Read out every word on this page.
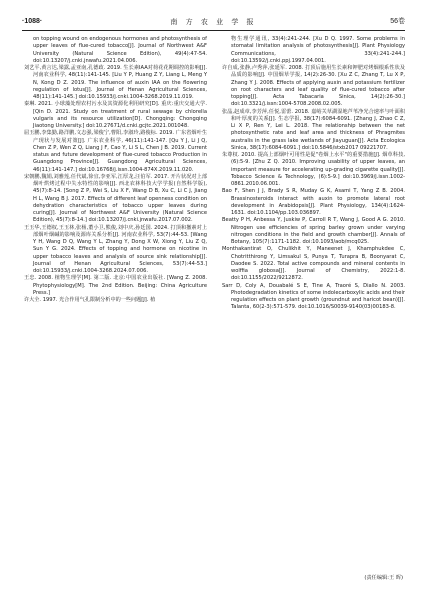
·1088·	南 方 农 业 学 报	56卷

on topping wound on endogenous hormones and photosynthesis of upper leaves of flue-cured tobacco[J]. Journal of Northwest A&F University (Natural Science Edition), 49(4):47-54. doi:10.13207/j.cnki.jnwafu.2021.04.006.

刘艺平,黄言达,梁露,孟亚南,孔德政. 2019. 生长素IAA对荷花花期调控的影响[J]. 河南农业科学, 48(11):141-145. [Liu Y P, Huang Z Y, Liang L, Meng Y N, Kong D Z. 2019. The influence of auxin IAA on the flowering regulation of lotus[J]. Journal of Henan Agricultural Sciences, 48(11):141-145.] doi:10.15933/j.cnki.1004-3268.2019.11.019.

秦琳. 2021. 小球藻处理农村污水及其资源化利用研究[D]. 重庆:重庆交通大学. [Qin D. 2021. Study on treatment of rural sewage by chlorella vulgaris and its resource utilization[D]. Chongqing: Chongqing Jiaotong University.] doi:10.27671/d.cnki.gcjtc.2021.001048.

屈玉鹏,李集勤,路洋鹏,文志强,梁俊宁,曹阳,李淑玲,路俊标. 2019. 广东省烟叶生产现状与发展对策[J]. 广东农业科学, 46(11):141-147. [Qu Y J, Li J Q, Chen Z P, Wen Z Q, Liang J F, Cao Y, Li S L, Chen J B. 2019. Current status and future development of flue-cured tobacco Production in Guangdong Province[J]. Guangdong Agricultural Sciences, 46(11):141-147.] doi:10.16768/j.issn.1004-874X.2019.11.020.

宋朝鹏,魏娟,刘雅莲,任代斌,徐宜,李亚军,江厚龙,汪伯军. 2017. 开片状况对上部烟叶烘烤过程中失水特性的影响[J]. 西北农林科技大学学报(自然科学版), 45(7):8-14. [Song Z P, Wei S, Liu X F, Wang D B, Xu C, Li C J, Jiang H L, Wang B J. 2017. Effects of different leaf openness condition on dehydration characteristics of tobacco upper leaves during curing[J]. Journal of Northwest A&F University (Natural Science Edition), 45(7):8-14.] doi:10.13207/j.cnki.jnwafu.2017.07.002.

王玉华,王德权,王玉林,张杨,董小卫,熊俊,刘中庆,孙廷国. 2024. 打顶和撤素对上部烟叶烟碱的影响及源库关系分析[J]. 河南农业科学, 53(7):44-53. [Wang Y H, Wang D Q, Wang Y L, Zhang Y, Dong X W, Xiong Y, Liu Z Q, Sun Y G. 2024. Effects of topping and hormone on nicotine in upper tobacco leaves and analysis of source sink relationship[J]. Journal of Henan Agricultural Sciences, 53(7):44-53.] doi:10.15933/j.cnki.1004-3268.2024.07.006.

王忠. 2008. 植物生理学[M]. 第二版. 北京:中国农业出版社. [Wang Z. 2008. Phytophysiology[M]. The 2nd Edition. Beijing: China Agriculture Press.]

许大全. 1997. 光合作用气孔限制分析中的一些问题[J]. 植

物生理学通讯, 33(4):241-244. [Xu D Q. 1997. Some problems in stomatal limitation analysis of photosynthesis[J]. Plant Physiology Communications, 33(4):241-244.] doi:10.13592/j.cnki.ppj.1997.04.001.

许自成,张静,卢秀萍,张延军. 2008. 打顶后施用生长素和钾肥对烤烟根系性状及品质的影响[J]. 中国烟草学报, 14(2):26-30. [Xu Z C, Zhang T, Lu X P, Zhang Y J. 2008. Effects of applying auxin and potassium fertilizer on root characters and leaf quality of flue-cured tobacco after topping[J]. Acta Tabacaria Sinica, 14(2):26-30.] doi:10.3321/j.issn:1004-5708.2008.02.005.

张晶,赵成章,李芳萍,任悦,雷蕾. 2018. 嘉峪关草湖湿地芦苇净光合速率与叶面积和叶厚度的关系[J]. 生态学报, 38(17):6084-6091. [Zhang J, Zhao C Z, Li X P, Ren Y, Lei L. 2018. The relationship between the net photosynthetic rate and leaf area and thickness of Phragmites australis in the grass lake wetlands of Jiayuguan[J]. Acta Ecologica Sinica, 38(17):6084-6091.] doi:10.5846/stxb2017 09221707.

朱尊权. 2010. 提高上部烟叶可用性是促"卷烟上水平"的重要措施[J]. 烟草科技, (6):5-9. [Zhu Z Q. 2010. Improving usability of upper leaves, an important measure for accelerating up-grading cigarette quality[J]. Tobacco Science & Technology, (6):5-9.] doi:10.3969/j.issn.1002-0861.2010.06.001.

Bao F, Shen J J, Brady S R, Muday G K, Asami T, Yang Z B. 2004. Brassinosteroids interact with auxin to promote lateral root development in Arabidopsis[J]. Plant Physiology, 134(4):1624-1631. doi:10.1104/pp.103.036897.

Beatty P H, Anbessa Y, Juskiw P, Carroll R T, Wang J, Good A G. 2010. Nitrogen use efficiencies of spring barley grown under varying nitrogen conditions in the field and growth chamber[J]. Annals of Botany, 105(7):1171-1182. doi:10.1093/aob/mcq025.

Monthakantirat O, Chulikhit Y, Maneenet J, Khamphukdee C, Chotritthirong Y, Limsakul S, Punya T, Turapra B, Boonyarat C, Daodee S. 2022. Total active compounds and mineral contents in wolffia globosa[J]. Journal of Chemistry, 2022:1-8. doi:10.1155/2022/9212872.

Sarr D, Coly A, Douabalé S E, Tine A, Traoré S, Diallo N. 2003. Photodegradation kinetics of some indolecarboxylic acids and their regulation effects on plant growth (groundnut and haricot bean)[J]. Talanta, 60(2-3):571-579. doi:10.1016/S0039-9140(03)00183-8.

(责任编辑:王 晖)
